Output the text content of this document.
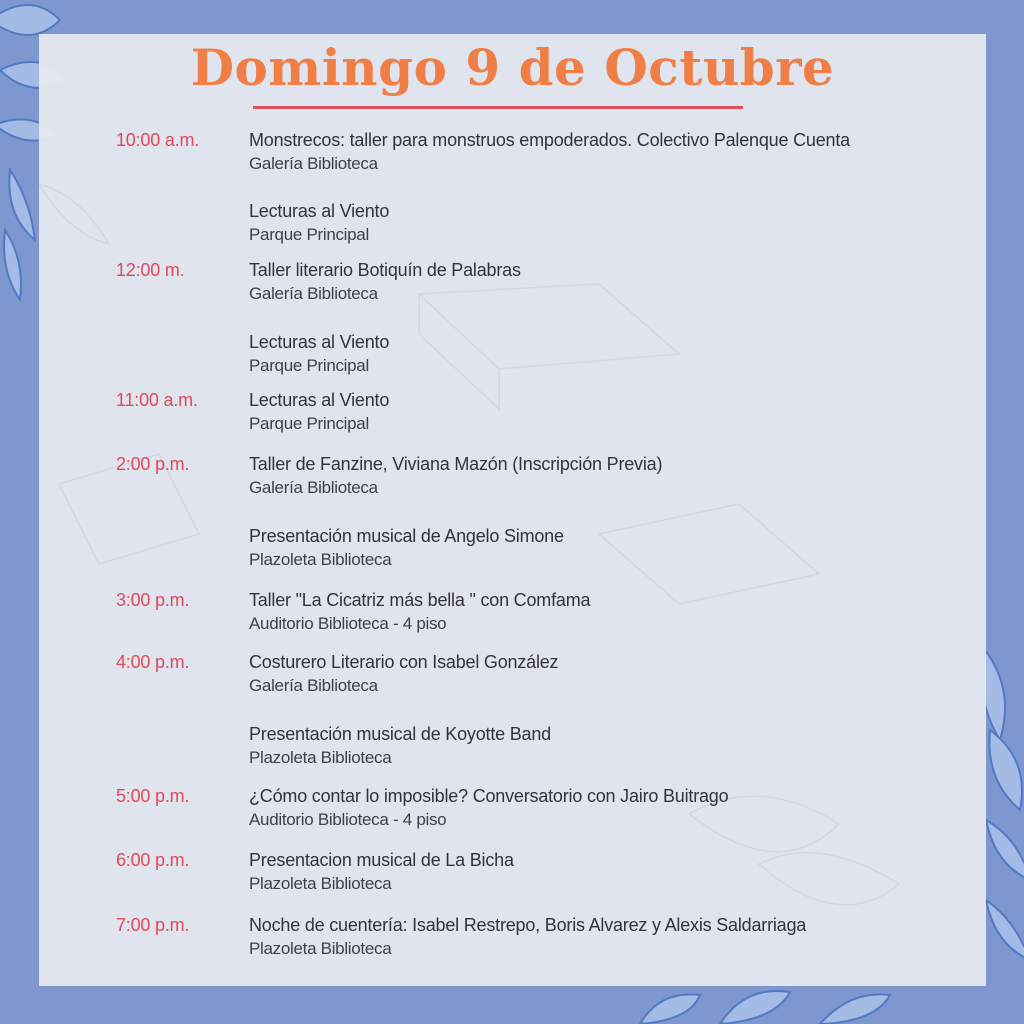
Domingo 9 de Octubre
10:00 a.m.	Monstrecos: taller para monstruos empoderados. Colectivo Palenque Cuenta
Galería Biblioteca
Lecturas al Viento
Parque Principal
12:00 m.	Taller literario Botiquín de Palabras
Galería Biblioteca
Lecturas al Viento
Parque Principal
11:00 a.m.	Lecturas al Viento
Parque Principal
2:00 p.m.	Taller de Fanzine, Viviana Mazón (Inscripción Previa)
Galería Biblioteca
Presentación musical de Angelo Simone
Plazoleta Biblioteca
3:00 p.m.	Taller "La Cicatriz más bella " con Comfama
Auditorio Biblioteca - 4 piso
4:00 p.m.	Costurero Literario con Isabel González
Galería Biblioteca
Presentación musical de Koyotte Band
Plazoleta Biblioteca
5:00 p.m.	¿Cómo contar lo imposible? Conversatorio con Jairo Buitrago
Auditorio Biblioteca - 4 piso
6:00 p.m.	Presentacion musical de La Bicha
Plazoleta Biblioteca
7:00 p.m.	Noche de cuentería: Isabel Restrepo, Boris Alvarez y Alexis Saldarriaga
Plazoleta Biblioteca
